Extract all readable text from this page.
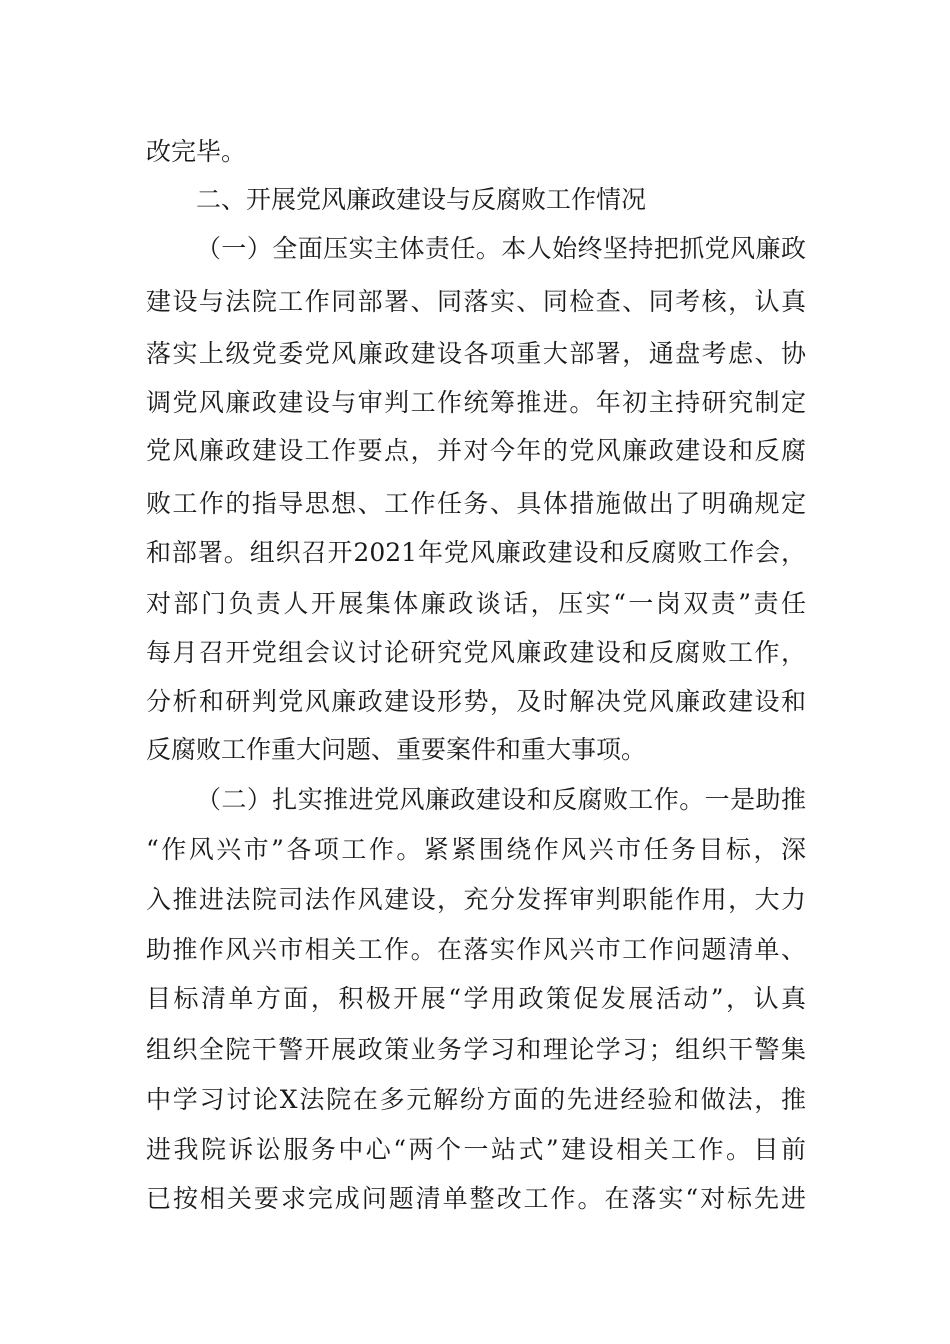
改完毕。
二、开展党风廉政建设与反腐败工作情况
（一）全面压实主体责任。本人始终坚持把抓党风廉政
建设与法院工作同部署、同落实、同检查、同考核，认真
落实上级党委党风廉政建设各项重大部署，通盘考虑、协
调党风廉政建设与审判工作统筹推进。年初主持研究制定
党风廉政建设工作要点，并对今年的党风廉政建设和反腐
败工作的指导思想、工作任务、具体措施做出了明确规定
和部署。组织召开2021年党风廉政建设和反腐败工作会，
对部门负责人开展集体廉政谈话，压实“一岗双责”责任
每月召开党组会议讨论研究党风廉政建设和反腐败工作，
分析和研判党风廉政建设形势，及时解决党风廉政建设和
反腐败工作重大问题、重要案件和重大事项。
（二）扎实推进党风廉政建设和反腐败工作。一是助推
“作风兴市”各项工作。紧紧围绕作风兴市任务目标，深
入推进法院司法作风建设，充分发挥审判职能作用，大力
助推作风兴市相关工作。在落实作风兴市工作问题清单、
目标清单方面，积极开展“学用政策促发展活动”，认真
组织全院干警开展政策业务学习和理论学习；组织干警集
中学习讨论X法院在多元解纷方面的先进经验和做法，推
进我院诉讼服务中心“两个一站式”建设相关工作。目前
已按相关要求完成问题清单整改工作。在落实“对标先进
